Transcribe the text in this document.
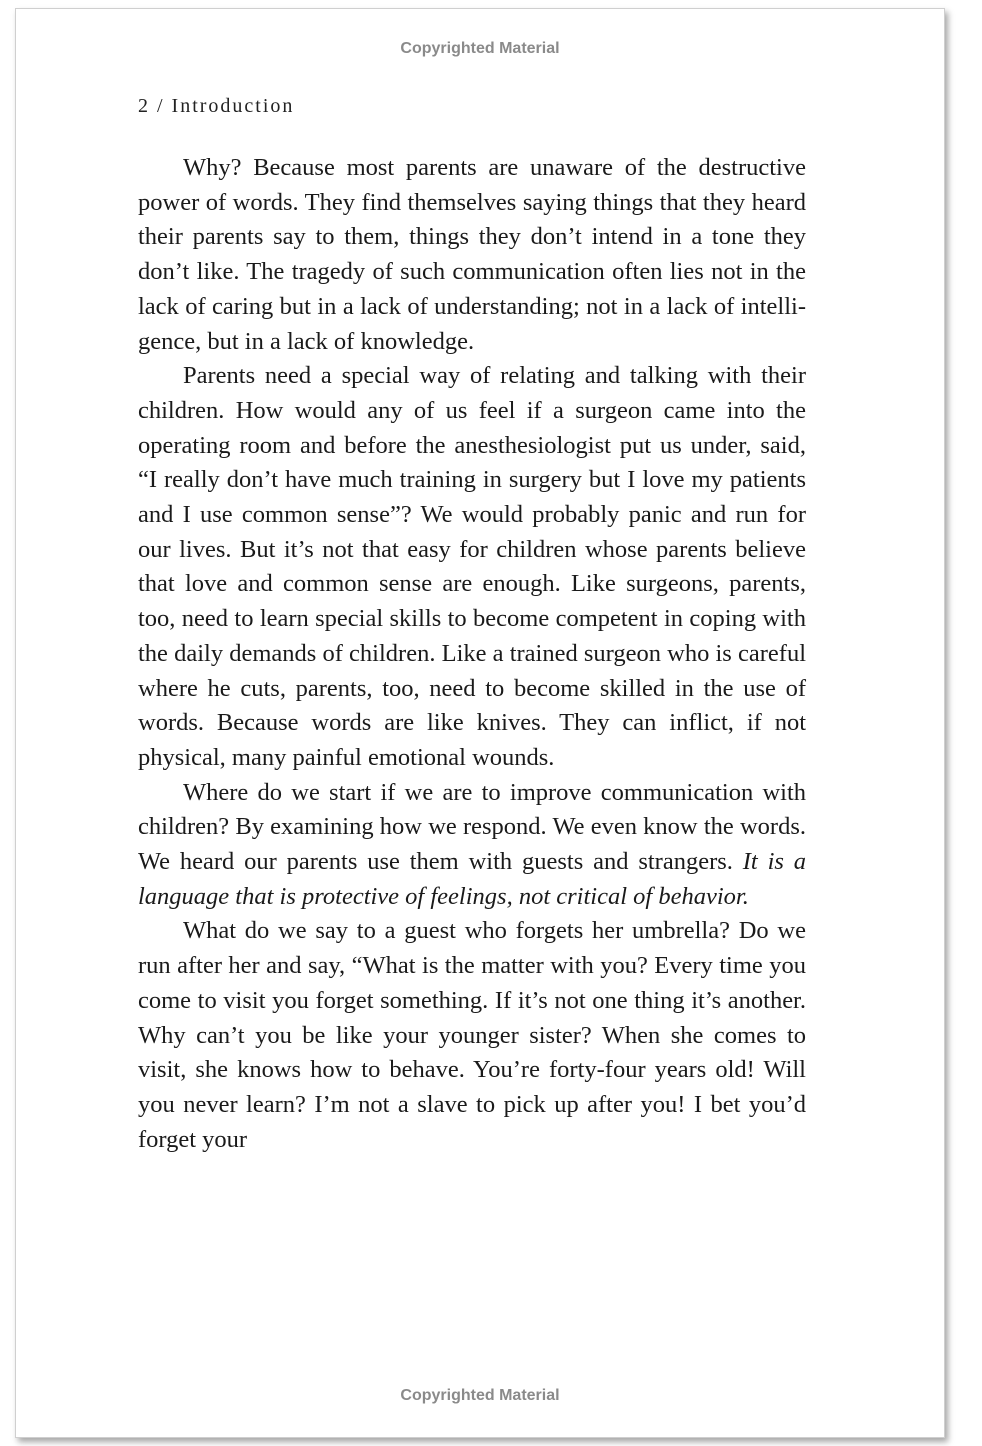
Copyrighted Material
2 / Introduction

Why? Because most parents are unaware of the destructive power of words. They find themselves saying things that they heard their parents say to them, things they don’t intend in a tone they don’t like. The tragedy of such communication often lies not in the lack of caring but in a lack of understanding; not in a lack of intelligence, but in a lack of knowledge.

Parents need a special way of relating and talking with their children. How would any of us feel if a surgeon came into the operating room and before the anesthesiologist put us under, said, “I really don’t have much training in surgery but I love my patients and I use common sense”? We would probably panic and run for our lives. But it’s not that easy for children whose parents believe that love and common sense are enough. Like surgeons, parents, too, need to learn special skills to become competent in coping with the daily demands of children. Like a trained surgeon who is careful where he cuts, parents, too, need to become skilled in the use of words. Because words are like knives. They can inflict, if not physical, many painful emotional wounds.

Where do we start if we are to improve communication with children? By examining how we respond. We even know the words. We heard our parents use them with guests and strangers. It is a language that is protective of feelings, not critical of behavior.

What do we say to a guest who forgets her umbrella? Do we run after her and say, “What is the matter with you? Every time you come to visit you forget something. If it’s not one thing it’s another. Why can’t you be like your younger sister? When she comes to visit, she knows how to behave. You’re forty-four years old! Will you never learn? I’m not a slave to pick up after you! I bet you’d forget your

Copyrighted Material
